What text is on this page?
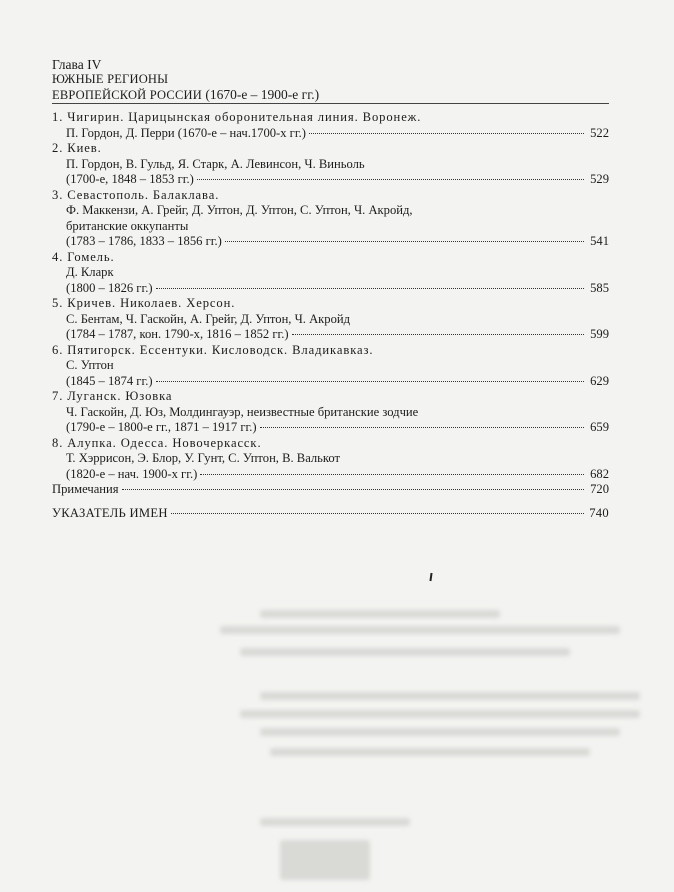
Глава IV
ЮЖНЫЕ РЕГИОНЫ
ЕВРОПЕЙСКОЙ РОССИИ (1670-е – 1900-е гг.)
1. Чигирин. Царицынская оборонительная линия. Воронеж.
П. Гордон, Д. Перри (1670-е – нач.1700-х гг.)	522
2. Киев.
П. Гордон, В. Гульд, Я. Старк, А. Левинсон, Ч. Виньоль
(1700-е, 1848 – 1853 гг.)	529
3. Севастополь. Балаклава.
Ф. Маккензи, А. Грейг, Д. Уптон, Д. Уптон, С. Уптон, Ч. Акройд,
британские оккупанты
(1783 – 1786, 1833 – 1856 гг.)	541
4. Гомель.
Д. Кларк
(1800 – 1826 гг.)	585
5. Кричев. Николаев. Херсон.
С. Бентам, Ч. Гаскойн, А. Грейг, Д. Уптон, Ч. Акройд
(1784 – 1787, кон. 1790-х, 1816 – 1852 гг.)	599
6. Пятигорск. Ессентуки. Кисловодск. Владикавказ.
С. Уптон
(1845 – 1874 гг.)	629
7. Луганск. Юзовка
Ч. Гаскойн, Д. Юз, Молдингауэр, неизвестные британские зодчие
(1790-е – 1800-е гг., 1871 – 1917 гг.)	659
8. Алупка. Одесса. Новочеркасск.
Т. Хэррисон, Э. Блор, У. Гунт, С. Уптон, В. Валькот
(1820-е – нач. 1900-х гг.)	682
Примечания	720
УКАЗАТЕЛЬ ИМЕН	740
